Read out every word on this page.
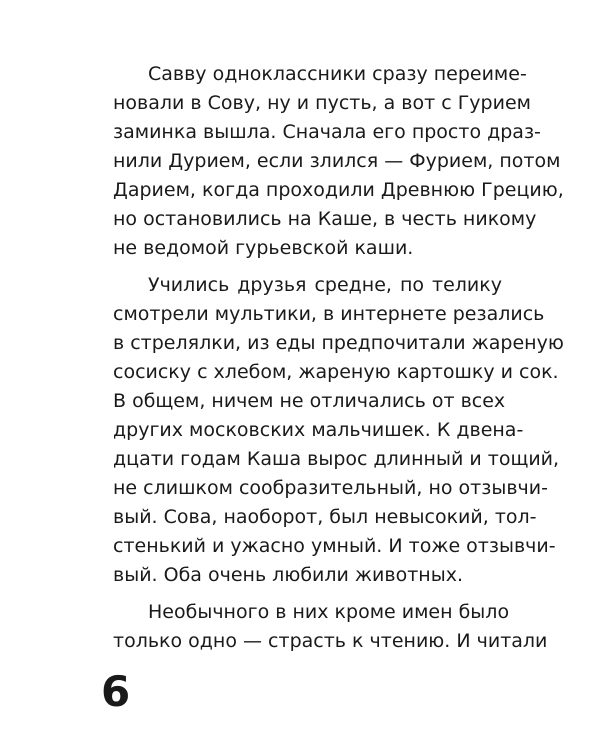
Савву одноклассники сразу переиме-
новали в Сову, ну и пусть, а вот с Гурием
заминка вышла. Сначала его просто драз-
нили Дурием, если злился — Фурием, потом
Дарием, когда проходили Древнюю Грецию,
но остановились на Каше, в честь никому
не ведомой гурьевской каши.
Учились друзья средне, по телику
смотрели мультики, в интернете резались
в стрелялки, из еды предпочитали жареную
сосиску с хлебом, жареную картошку и сок.
В общем, ничем не отличались от всех
других московских мальчишек. К двена-
дцати годам Каша вырос длинный и тощий,
не слишком сообразительный, но отзывчи-
вый. Сова, наоборот, был невысокий, тол-
стенький и ужасно умный. И тоже отзывчи-
вый. Оба очень любили животных.
Необычного в них кроме имен было
только одно — страсть к чтению. И читали
6
